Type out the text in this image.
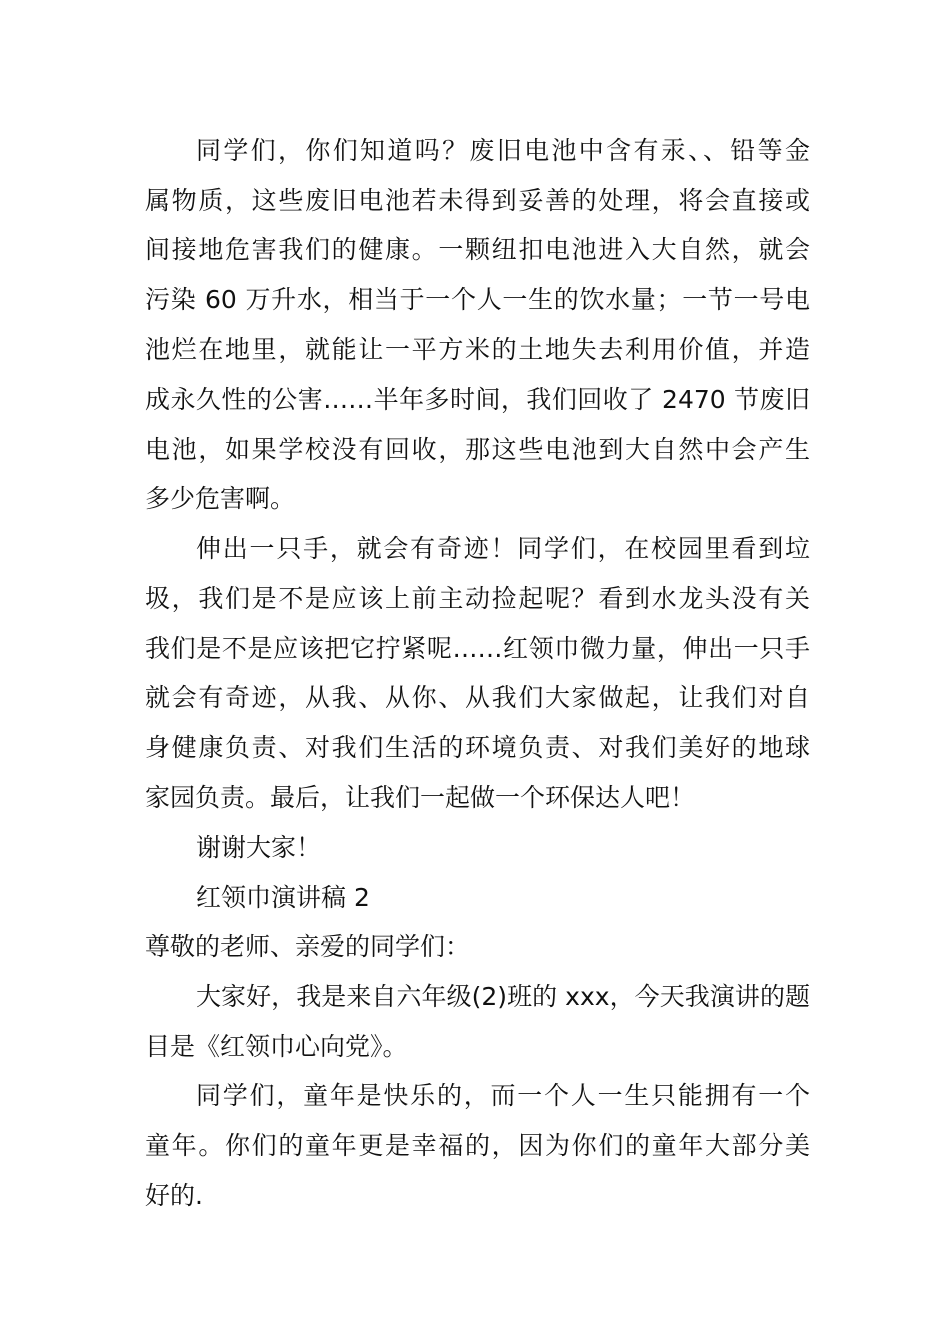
同学们，你们知道吗？废旧电池中含有汞、、铅等金
属物质，这些废旧电池若未得到妥善的处理，将会直接或
间接地危害我们的健康。一颗纽扣电池进入大自然，就会
污染 60 万升水，相当于一个人一生的饮水量；一节一号电
池烂在地里，就能让一平方米的土地失去利用价值，并造
成永久性的公害……半年多时间，我们回收了 2470 节废旧
电池，如果学校没有回收，那这些电池到大自然中会产生
多少危害啊。
伸出一只手，就会有奇迹！同学们，在校园里看到垃
圾，我们是不是应该上前主动捡起呢？看到水龙头没有关
我们是不是应该把它拧紧呢……红领巾微力量，伸出一只手
就会有奇迹，从我、从你、从我们大家做起，让我们对自
身健康负责、对我们生活的环境负责、对我们美好的地球
家园负责。最后，让我们一起做一个环保达人吧！
谢谢大家！
红领巾演讲稿 2
尊敬的老师、亲爱的同学们：
大家好，我是来自六年级(2)班的 xxx，今天我演讲的题
目是《红领巾心向党》。
同学们，童年是快乐的，而一个人一生只能拥有一个
童年。你们的童年更是幸福的，因为你们的童年大部分美
好的.
